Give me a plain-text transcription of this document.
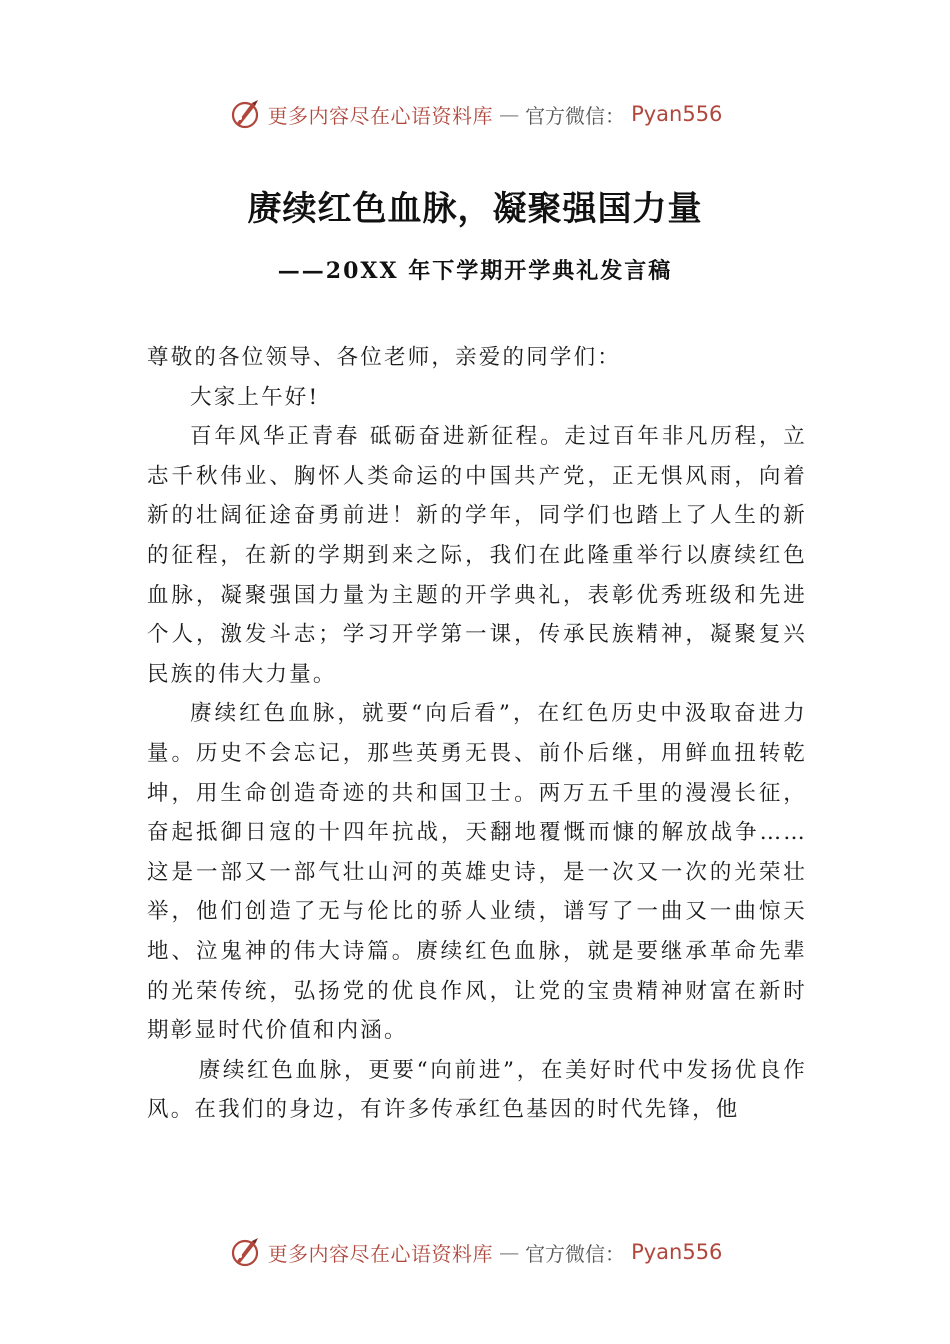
更多内容尽在心语资料库 — 官方微信： Pyan556
赓续红色血脉，凝聚强国力量
——20XX 年下学期开学典礼发言稿

尊敬的各位领导、各位老师，亲爱的同学们：

大家上午好!

百年风华正青春 砥砺奋进新征程。走过百年非凡历程，立志千秋伟业、胸怀人类命运的中国共产党，正无惧风雨，向着新的壮阔征途奋勇前进！新的学年，同学们也踏上了人生的新的征程，在新的学期到来之际，我们在此隆重举行以赓续红色血脉，凝聚强国力量为主题的开学典礼，表彰优秀班级和先进个人，激发斗志；学习开学第一课，传承民族精神，凝聚复兴民族的伟大力量。

赓续红色血脉，就要“向后看”，在红色历史中汲取奋进力量。历史不会忘记，那些英勇无畏、前仆后继，用鲜血扭转乾坤，用生命创造奇迹的共和国卫士。两万五千里的漫漫长征，奋起抵御日寇的十四年抗战，天翻地覆慨而慷的解放战争……这是一部又一部气壮山河的英雄史诗，是一次又一次的光荣壮举，他们创造了无与伦比的骄人业绩，谱写了一曲又一曲惊天地、泣鬼神的伟大诗篇。赓续红色血脉，就是要继承革命先辈的光荣传统，弘扬党的优良作风，让党的宝贵精神财富在新时期彰显时代价值和内涵。

赓续红色血脉，更要“向前进”，在美好时代中发扬优良作风。在我们的身边，有许多传承红色基因的时代先锋，他

更多内容尽在心语资料库 — 官方微信： Pyan556
